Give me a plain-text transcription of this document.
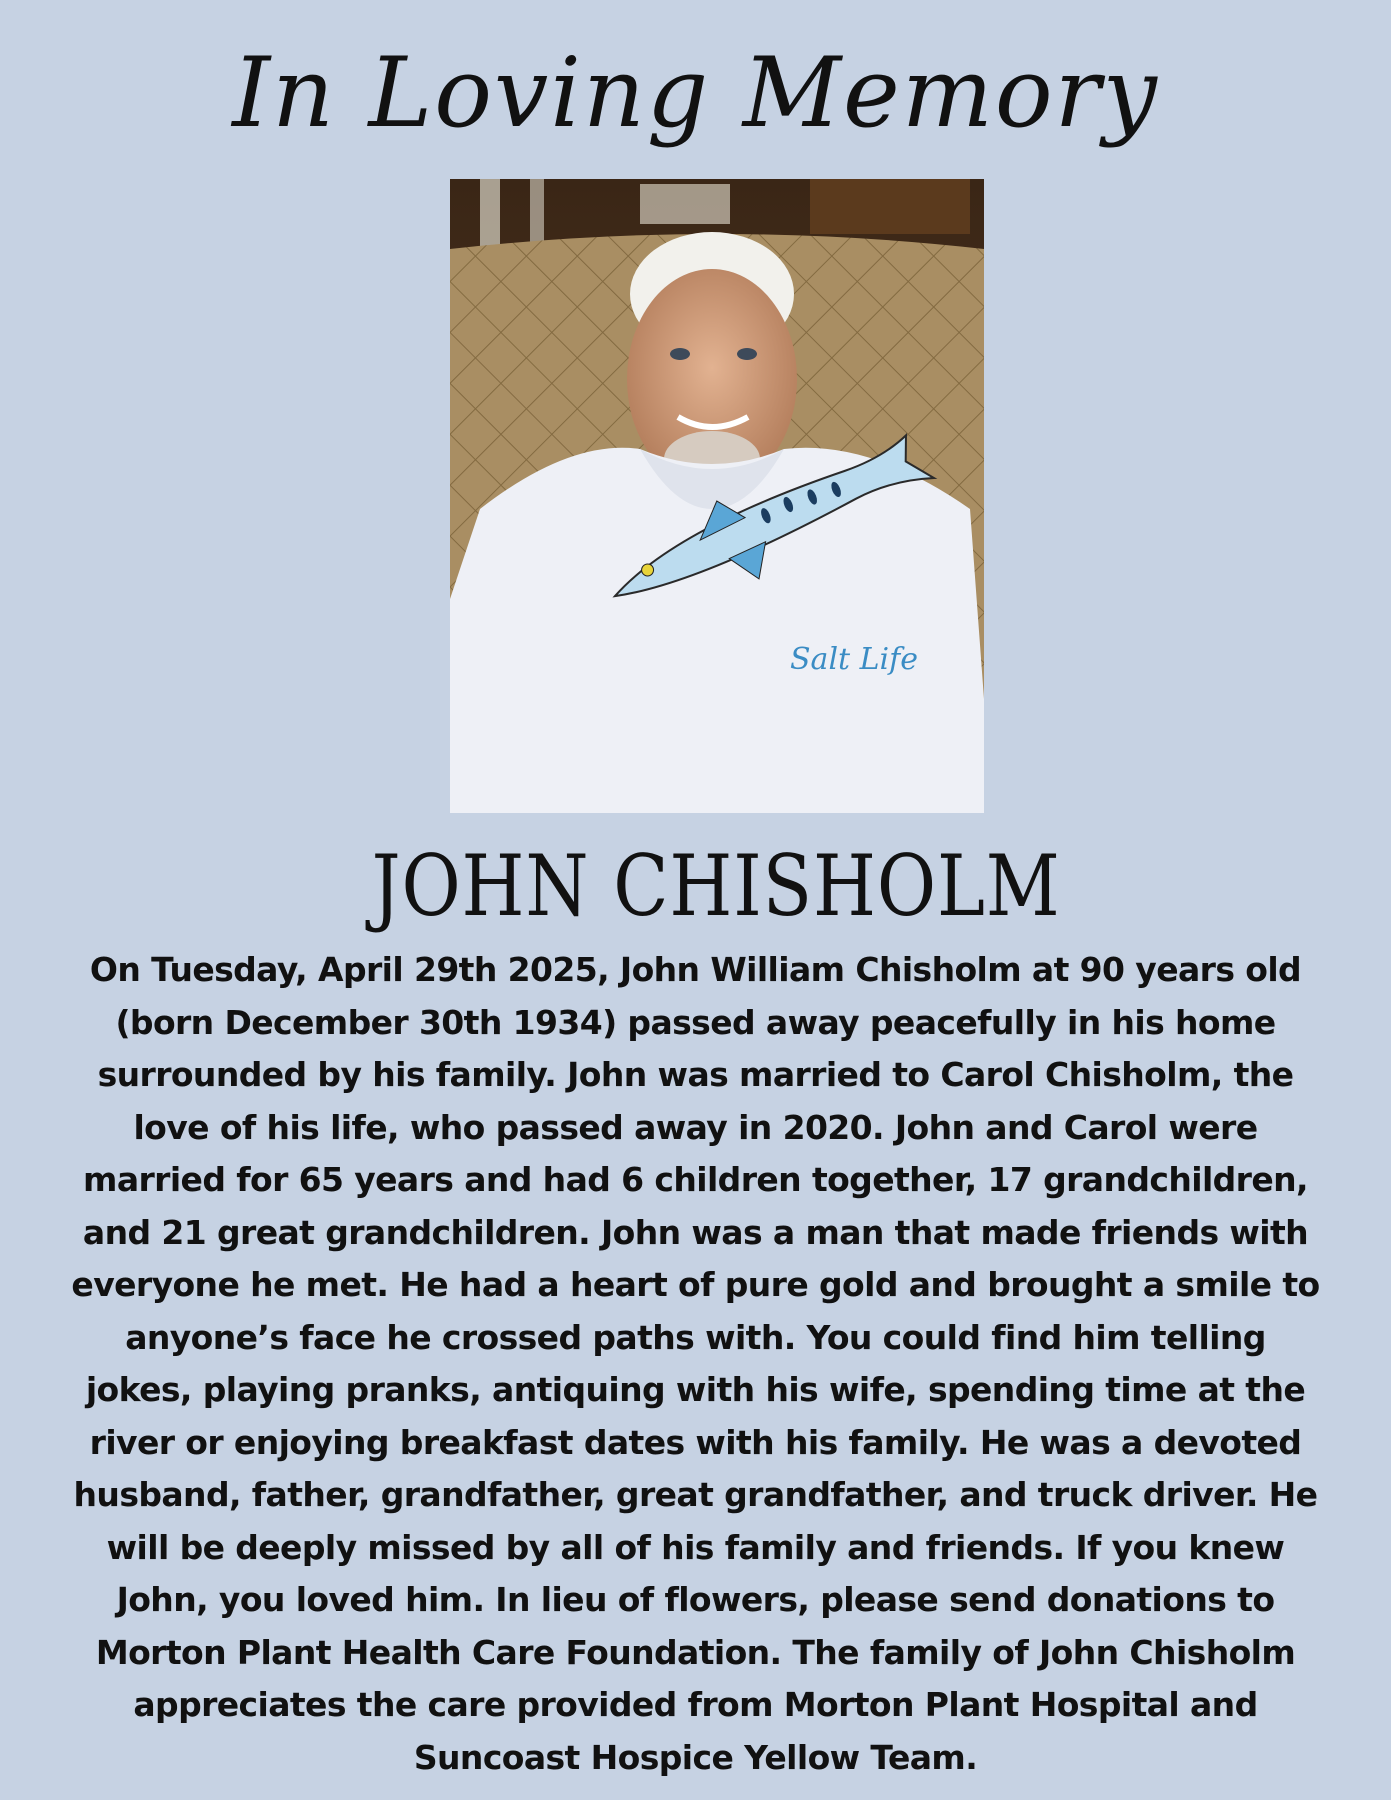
In Loving Memory
Salt Life
JOHN CHISHOLM
On Tuesday, April 29th 2025, John William Chisholm at 90 years old
(born December 30th 1934) passed away peacefully in his home
surrounded by his family. John was married to Carol Chisholm, the
love of his life, who passed away in 2020. John and Carol were
married for 65 years and had 6 children together, 17 grandchildren,
and 21 great grandchildren. John was a man that made friends with
everyone he met. He had a heart of pure gold and brought a smile to
anyone’s face he crossed paths with. You could find him telling
jokes, playing pranks, antiquing with his wife, spending time at the
river or enjoying breakfast dates with his family. He was a devoted
husband, father, grandfather, great grandfather, and truck driver. He
will be deeply missed by all of his family and friends. If you knew
John, you loved him. In lieu of flowers, please send donations to
Morton Plant Health Care Foundation. The family of John Chisholm
appreciates the care provided from Morton Plant Hospital and
Suncoast Hospice Yellow Team.
